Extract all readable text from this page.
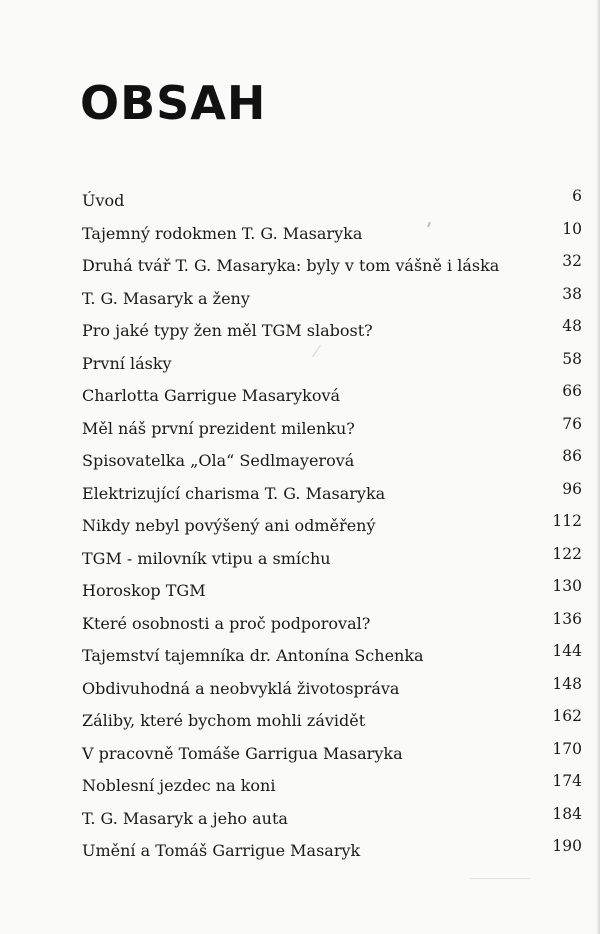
OBSAH
Úvod	6
Tajemný rodokmen T. G. Masaryka	10
Druhá tvář T. G. Masaryka: byly v tom vášně i láska	32
T. G. Masaryk a ženy	38
Pro jaké typy žen měl TGM slabost?	48
První lásky	58
Charlotta Garrigue Masaryková	66
Měl náš první prezident milenku?	76
Spisovatelka „Ola“ Sedlmayerová	86
Elektrizující charisma T. G. Masaryka	96
Nikdy nebyl povýšený ani odměřený	112
TGM - milovník vtipu a smíchu	122
Horoskop TGM	130
Které osobnosti a proč podporoval?	136
Tajemství tajemníka dr. Antonína Schenka	144
Obdivuhodná a neobvyklá životospráva	148
Záliby, které bychom mohli závidět	162
V pracovně Tomáše Garrigua Masaryka	170
Noblesní jezdec na koni	174
T. G. Masaryk a jeho auta	184
Umění a Tomáš Garrigue Masaryk	190
